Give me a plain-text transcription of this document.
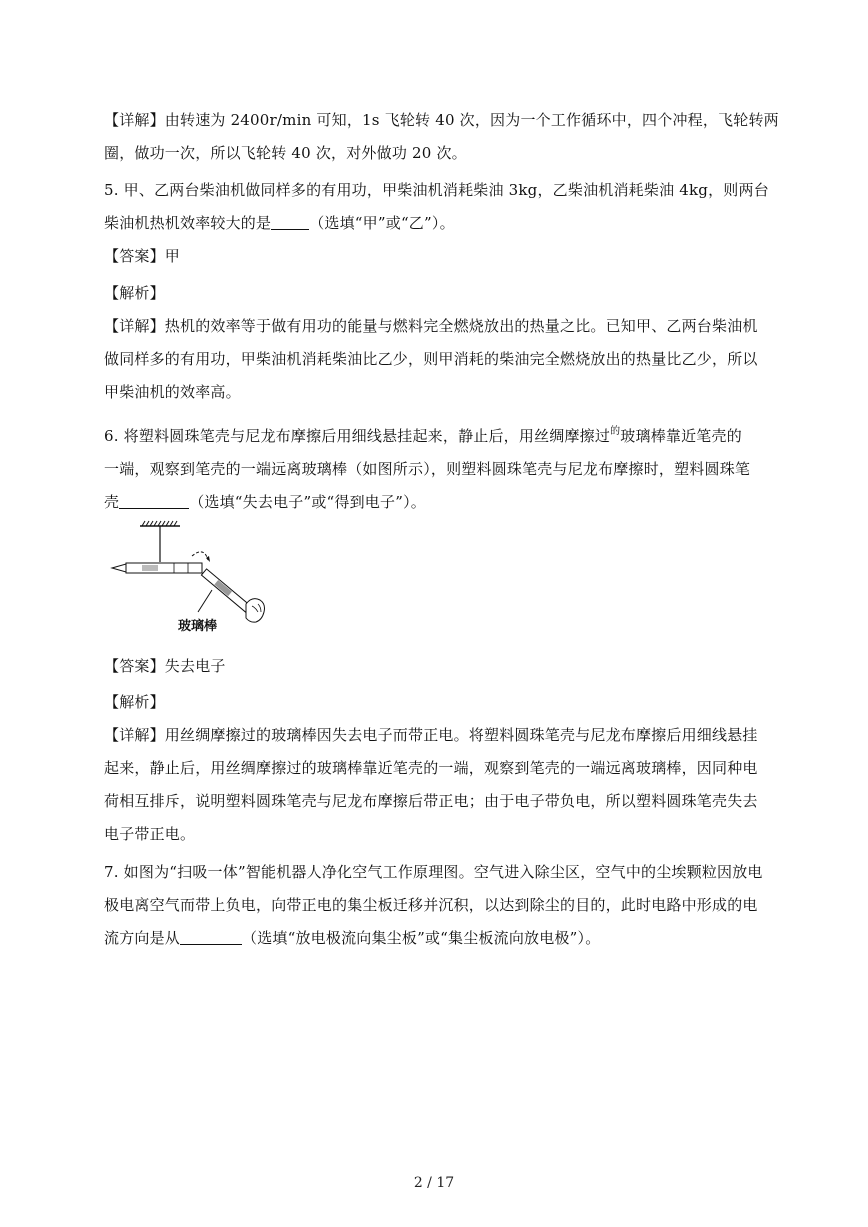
【详解】由转速为 2400r/min 可知，1s 飞轮转 40 次，因为一个工作循环中，四个冲程，飞轮转两
圈，做功一次，所以飞轮转 40 次，对外做功 20 次。

5. 甲、乙两台柴油机做同样多的有用功，甲柴油机消耗柴油 3kg，乙柴油机消耗柴油 4kg，则两台
柴油机热机效率较大的是	（选填“甲”或“乙”）。

【答案】甲

【解析】

【详解】热机的效率等于做有用功的能量与燃料完全燃烧放出的热量之比。已知甲、乙两台柴油机
做同样多的有用功，甲柴油机消耗柴油比乙少，则甲消耗的柴油完全燃烧放出的热量比乙少，所以
甲柴油机的效率高。

6. 将塑料圆珠笔壳与尼龙布摩擦后用细线悬挂起来，静止后，用丝绸摩擦过$^的$玻璃棒靠近笔壳的
一端，观察到笔壳的一端远离玻璃棒（如图所示），则塑料圆珠笔壳与尼龙布摩擦时，塑料圆珠笔
壳	（选填“失去电子”或“得到电子”）。

玻璃棒

【答案】失去电子

【解析】

【详解】用丝绸摩擦过的玻璃棒因失去电子而带正电。将塑料圆珠笔壳与尼龙布摩擦后用细线悬挂
起来，静止后，用丝绸摩擦过的玻璃棒靠近笔壳的一端，观察到笔壳的一端远离玻璃棒，因同种电
荷相互排斥，说明塑料圆珠笔壳与尼龙布摩擦后带正电；由于电子带负电，所以塑料圆珠笔壳失去
电子带正电。

7. 如图为“扫吸一体”智能机器人净化空气工作原理图。空气进入除尘区，空气中的尘埃颗粒因放电
极电离空气而带上负电，向带正电的集尘板迁移并沉积，以达到除尘的目的，此时电路中形成的电
流方向是从	（选填“放电极流向集尘板”或“集尘板流向放电极”）。

2 / 17
